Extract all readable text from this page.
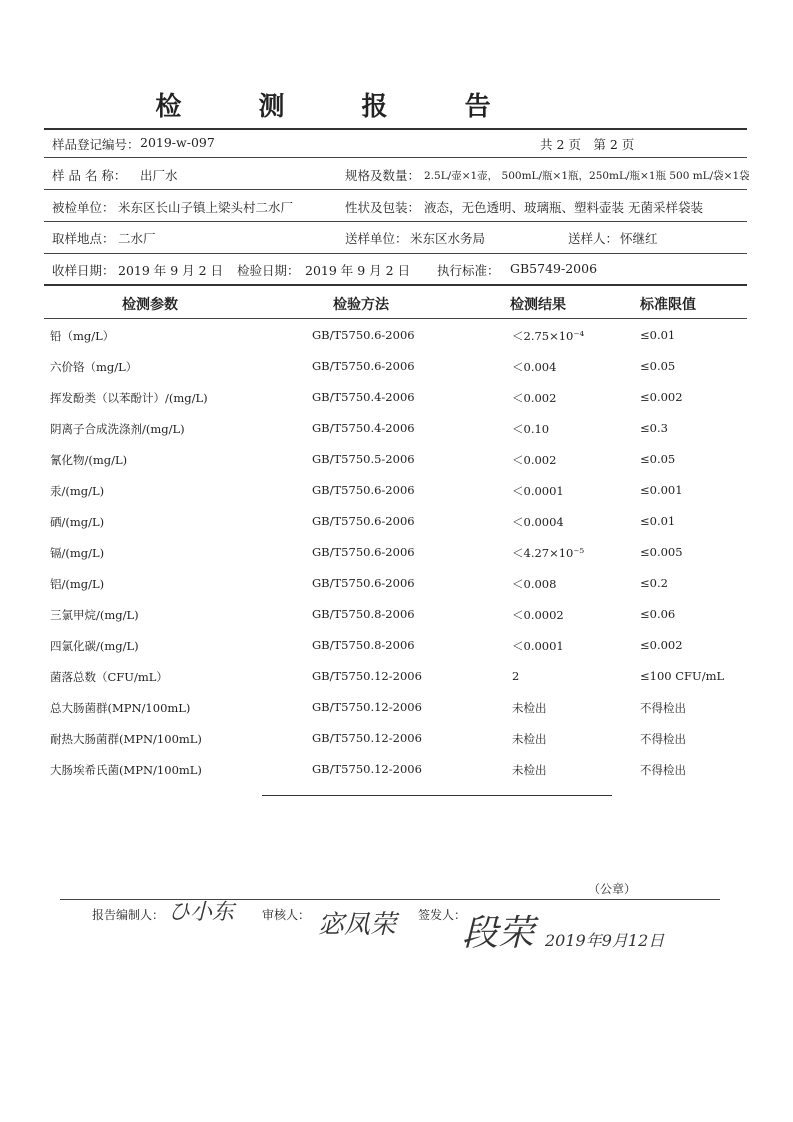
检 测 报 告
样品登记编号： 2019-w-097	共 2 页　第 2 页
样 品 名 称： 出厂水	规格及数量： 2.5L/壶×1壶， 500mL/瓶×1瓶，250mL/瓶×1瓶 500 mL/袋×1袋
被检单位： 米东区长山子镇上梁头村二水厂	性状及包装： 液态，无色透明、玻璃瓶、塑料壶装 无菌采样袋装
取样地点： 二水厂	送样单位： 米东区水务局	送样人： 怀继红
收样日期： 2019 年 9 月 2 日 检验日期： 2019 年 9 月 2 日 执行标准： GB5749-2006
检测参数	检验方法	检测结果	标准限值
铅（mg/L）	GB/T5750.6-2006	＜2.75×10⁻⁴	≤0.01
六价铬（mg/L）	GB/T5750.6-2006	＜0.004	≤0.05
挥发酚类（以苯酚计）/(mg/L)	GB/T5750.4-2006	＜0.002	≤0.002
阴离子合成洗涤剂/(mg/L)	GB/T5750.4-2006	＜0.10	≤0.3
氰化物/(mg/L)	GB/T5750.5-2006	＜0.002	≤0.05
汞/(mg/L)	GB/T5750.6-2006	＜0.0001	≤0.001
硒/(mg/L)	GB/T5750.6-2006	＜0.0004	≤0.01
镉/(mg/L)	GB/T5750.6-2006	＜4.27×10⁻⁵	≤0.005
铝/(mg/L)	GB/T5750.6-2006	＜0.008	≤0.2
三氯甲烷/(mg/L)	GB/T5750.8-2006	＜0.0002	≤0.06
四氯化碳/(mg/L)	GB/T5750.8-2006	＜0.0001	≤0.002
菌落总数（CFU/mL）	GB/T5750.12-2006	2	≤100 CFU/mL
总大肠菌群(MPN/100mL)	GB/T5750.12-2006	未检出	不得检出
耐热大肠菌群(MPN/100mL)	GB/T5750.12-2006	未检出	不得检出
大肠埃希氏菌(MPN/100mL)	GB/T5750.12-2006	未检出	不得检出
（公章）
报告编制人： ひ小东 审核人： 宓凤荣 签发人：
段荣 2019年9月12日
